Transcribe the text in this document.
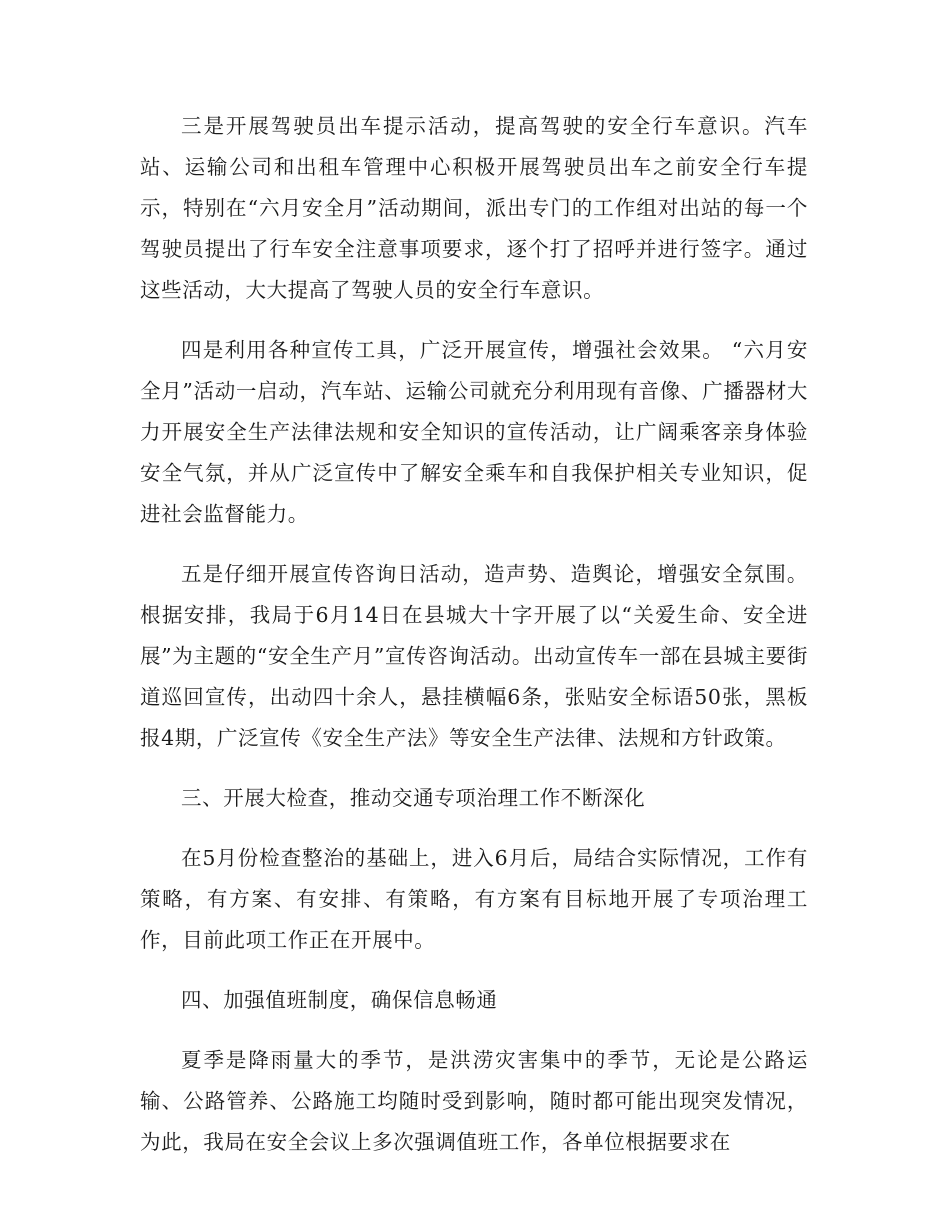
三是开展驾驶员出车提示活动，提高驾驶的安全行车意识。汽车站、运输公司和出租车管理中心积极开展驾驶员出车之前安全行车提示，特别在“六月安全月”活动期间，派出专门的工作组对出站的每一个驾驶员提出了行车安全注意事项要求，逐个打了招呼并进行签字。通过这些活动，大大提高了驾驶人员的安全行车意识。

四是利用各种宣传工具，广泛开展宣传，增强社会效果。 “六月安全月”活动一启动，汽车站、运输公司就充分利用现有音像、广播器材大力开展安全生产法律法规和安全知识的宣传活动，让广阔乘客亲身体验安全气氛，并从广泛宣传中了解安全乘车和自我保护相关专业知识，促进社会监督能力。

五是仔细开展宣传咨询日活动，造声势、造舆论，增强安全氛围。根据安排，我局于6月14日在县城大十字开展了以“关爱生命、安全进展”为主题的“安全生产月”宣传咨询活动。出动宣传车一部在县城主要街道巡回宣传，出动四十余人，悬挂横幅6条，张贴安全标语50张，黑板报4期，广泛宣传《安全生产法》等安全生产法律、法规和方针政策。

三、开展大检查，推动交通专项治理工作不断深化

在5月份检查整治的基础上，进入6月后，局结合实际情况，工作有策略，有方案、有安排、有策略，有方案有目标地开展了专项治理工作，目前此项工作正在开展中。

四、加强值班制度，确保信息畅通

夏季是降雨量大的季节，是洪涝灾害集中的季节，无论是公路运输、公路管养、公路施工均随时受到影响，随时都可能出现突发情况，为此，我局在安全会议上多次强调值班工作，各单位根据要求在
